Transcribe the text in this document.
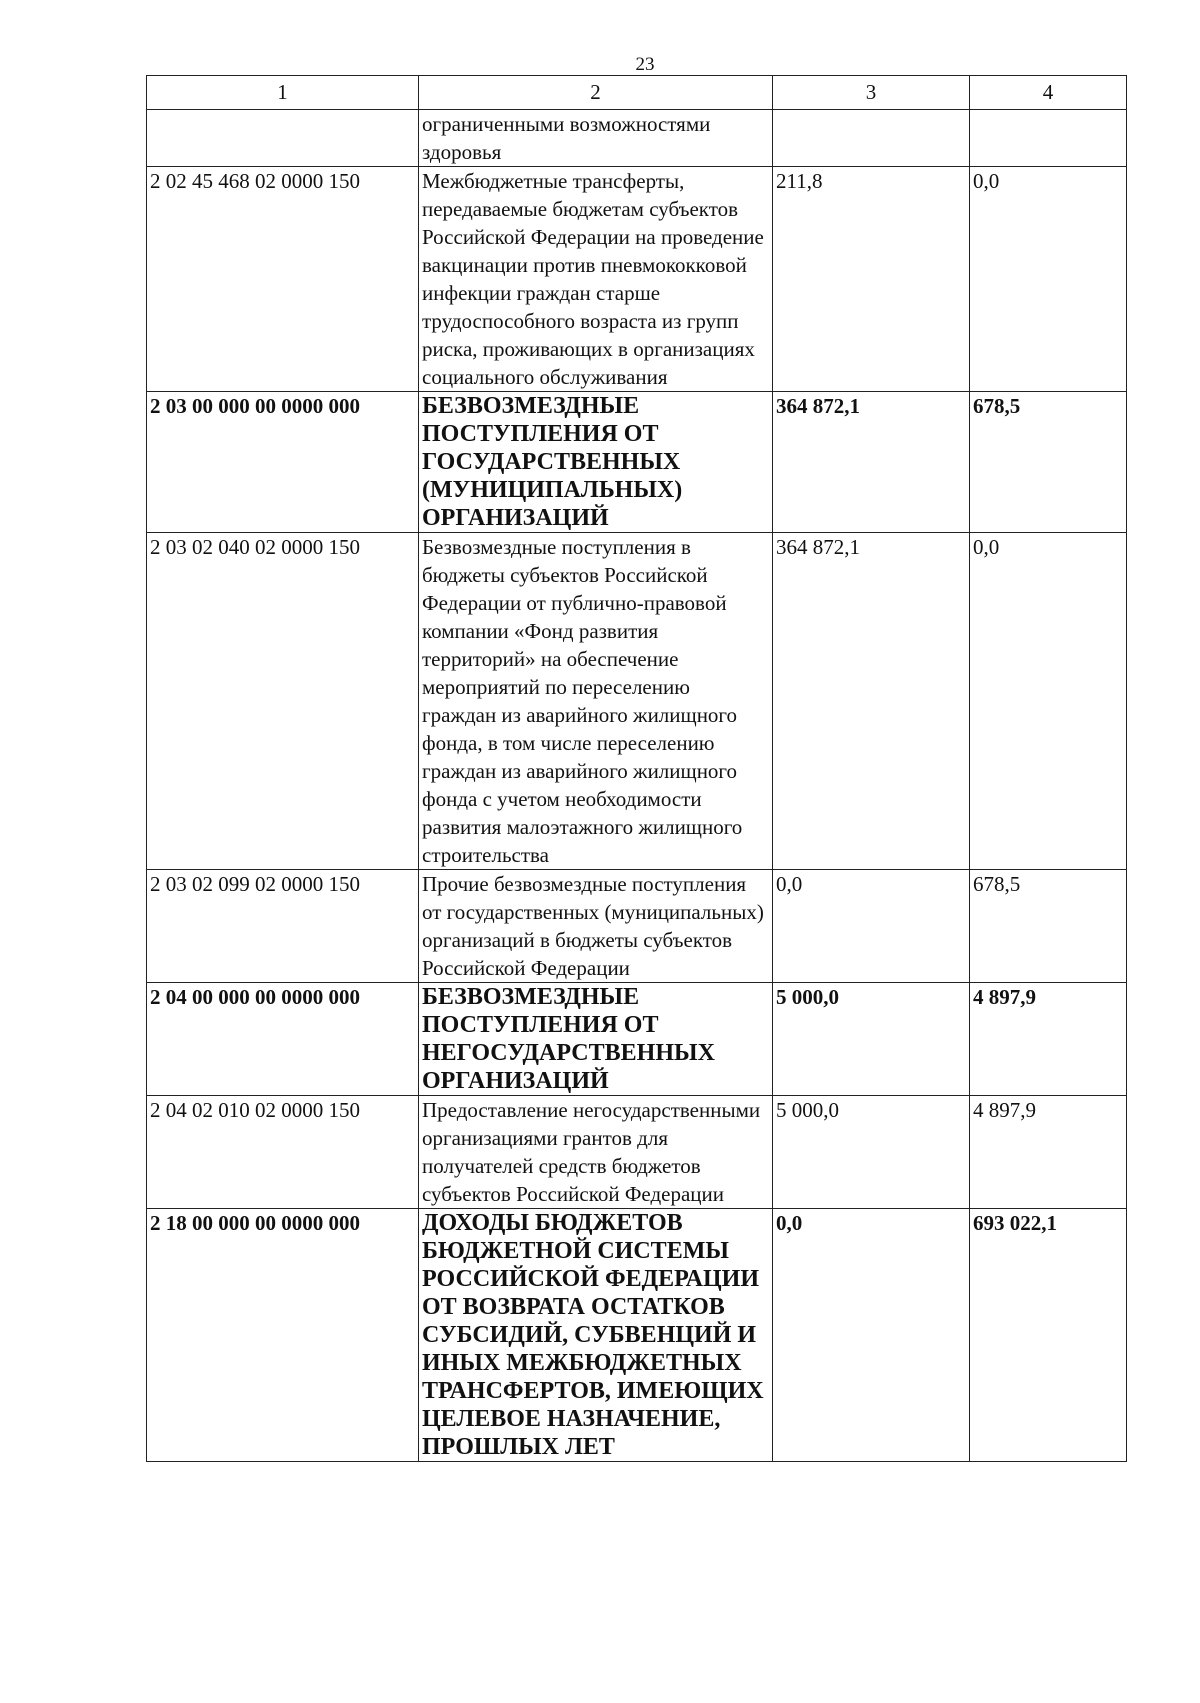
23
1	2	3	4
	ограниченными возможностями здоровья		
2 02 45 468 02 0000 150	Межбюджетные трансферты, передаваемые бюджетам субъектов Российской Федерации на проведение вакцинации против пневмококковой инфекции граждан старше трудоспособного возраста из групп риска, проживающих в организациях социального обслуживания	211,8	0,0
2 03 00 000 00 0000 000	БЕЗВОЗМЕЗДНЫЕ ПОСТУПЛЕНИЯ ОТ ГОСУДАРСТВЕННЫХ (МУНИЦИПАЛЬНЫХ) ОРГАНИЗАЦИЙ	364 872,1	678,5
2 03 02 040 02 0000 150	Безвозмездные поступления в бюджеты субъектов Российской Федерации от публично-правовой компании «Фонд развития территорий» на обеспечение мероприятий по переселению граждан из аварийного жилищного фонда, в том числе переселению граждан из аварийного жилищного фонда с учетом необходимости развития малоэтажного жилищного строительства	364 872,1	0,0
2 03 02 099 02 0000 150	Прочие безвозмездные поступления от государственных (муниципальных) организаций в бюджеты субъектов Российской Федерации	0,0	678,5
2 04 00 000 00 0000 000	БЕЗВОЗМЕЗДНЫЕ ПОСТУПЛЕНИЯ ОТ НЕГОСУДАРСТВЕННЫХ ОРГАНИЗАЦИЙ	5 000,0	4 897,9
2 04 02 010 02 0000 150	Предоставление негосударственными организациями грантов для получателей средств бюджетов субъектов Российской Федерации	5 000,0	4 897,9
2 18 00 000 00 0000 000	ДОХОДЫ БЮДЖЕТОВ БЮДЖЕТНОЙ СИСТЕМЫ РОССИЙСКОЙ ФЕДЕРАЦИИ ОТ ВОЗВРАТА ОСТАТКОВ СУБСИДИЙ, СУБВЕНЦИЙ И ИНЫХ МЕЖБЮДЖЕТНЫХ ТРАНСФЕРТОВ, ИМЕЮЩИХ ЦЕЛЕВОЕ НАЗНАЧЕНИЕ, ПРОШЛЫХ ЛЕТ	0,0	693 022,1
